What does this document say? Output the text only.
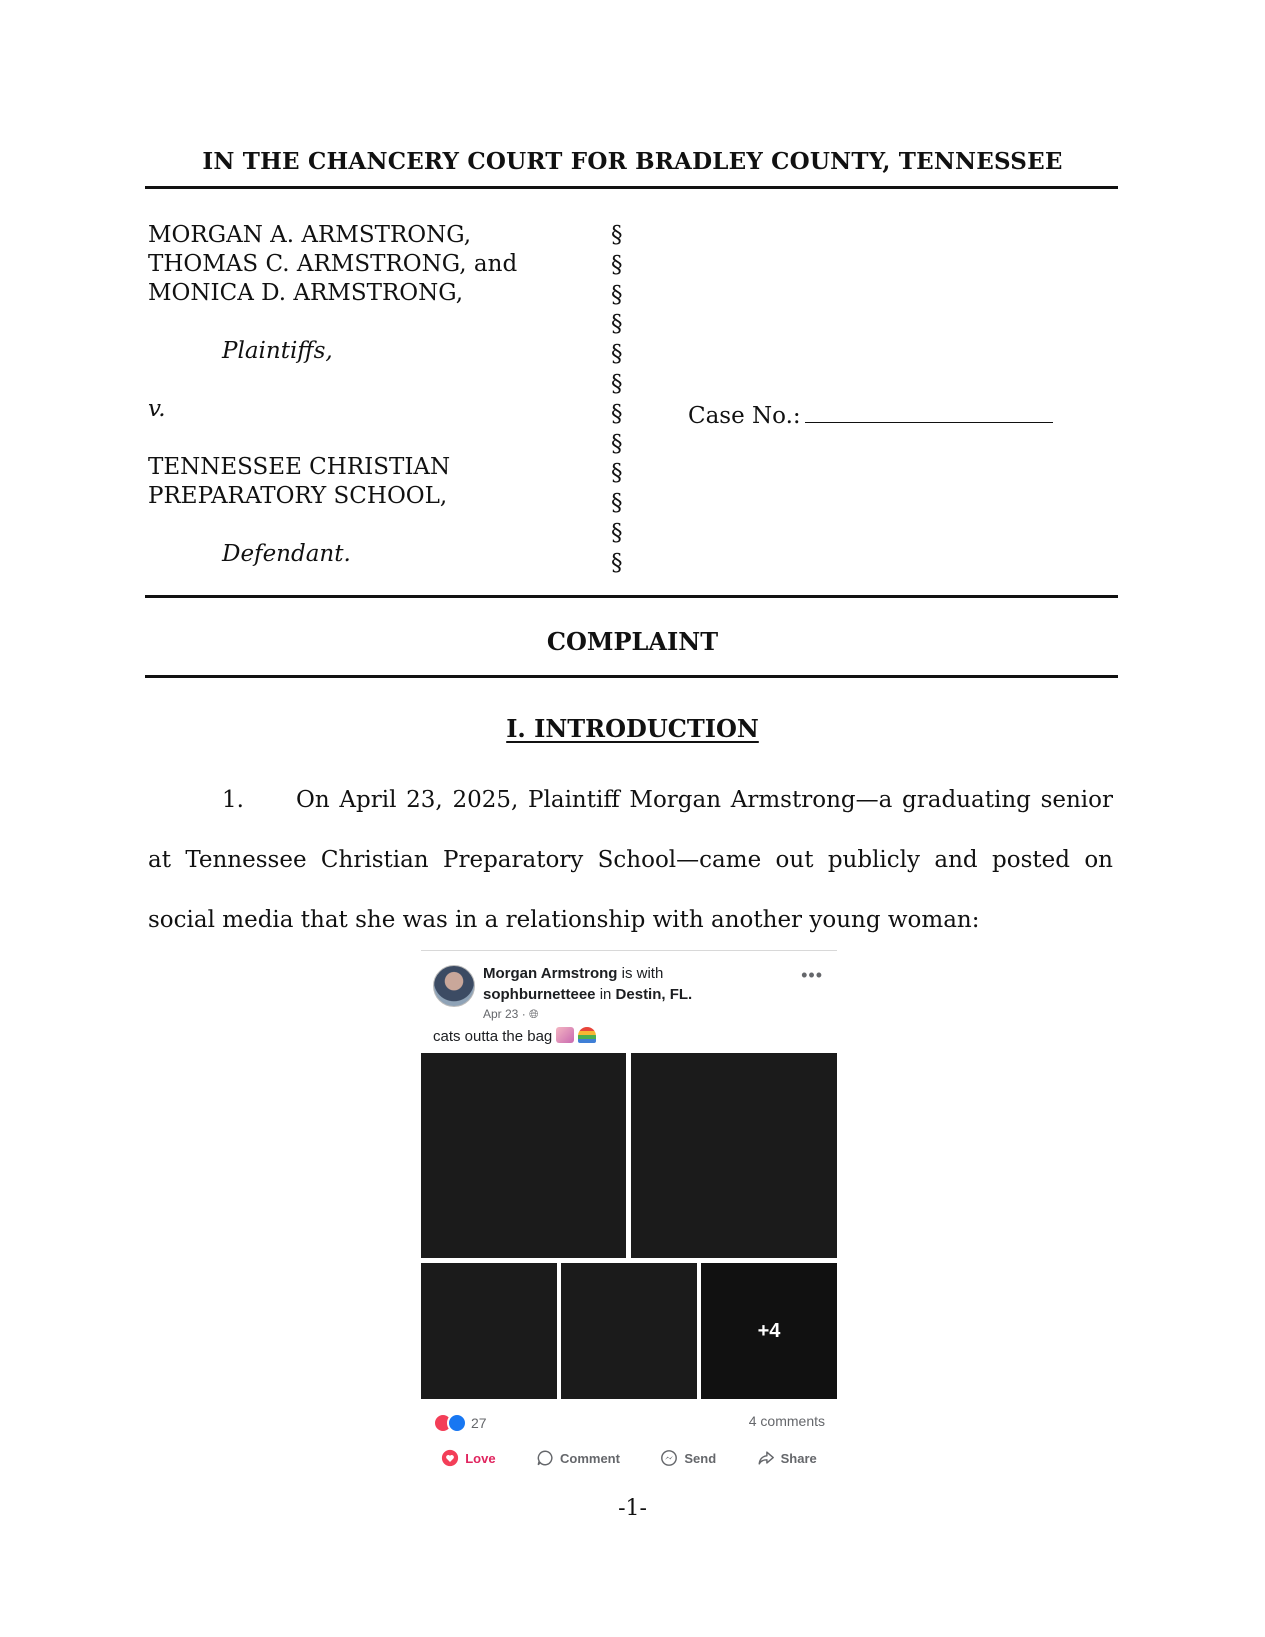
IN THE CHANCERY COURT FOR BRADLEY COUNTY, TENNESSEE
MORGAN A. ARMSTRONG,
THOMAS C. ARMSTRONG, and
MONICA D. ARMSTRONG,

Plaintiffs,

v.

TENNESSEE CHRISTIAN
PREPARATORY SCHOOL,

Defendant.
§
§
§
§
§
§
§
§
§
§
§
§
Case No.:
COMPLAINT
I. INTRODUCTION
1. On April 23, 2025, Plaintiff Morgan Armstrong—a graduating senior at Tennessee Christian Preparatory School—came out publicly and posted on social media that she was in a relationship with another young woman:
Morgan Armstrong is with
sophburnetteee in Destin, FL.
Apr 23 · 🌐︎
•••
cats outta the bag
+4
27	4 comments
Love	Comment	Send	Share
-1-
